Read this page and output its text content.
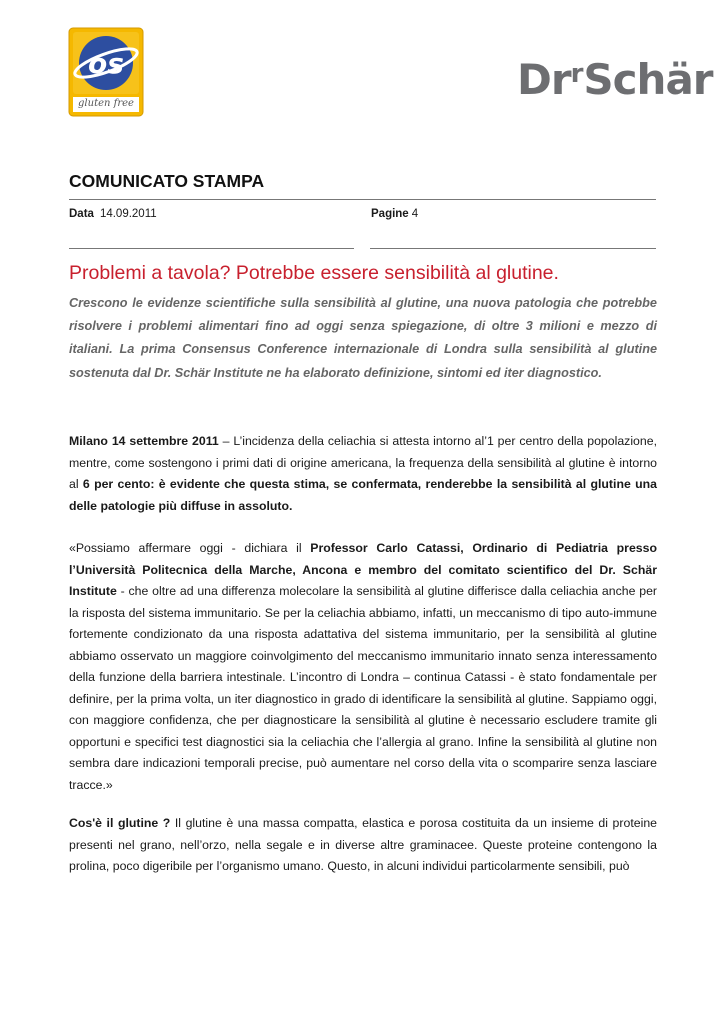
os
gluten free	Dr$^r$Schär
COMUNICATO STAMPA
Data 14.09.2011	Pagine 4
Problemi a tavola? Potrebbe essere sensibilità al glutine.
Crescono le evidenze scientifiche sulla sensibilità al glutine, una nuova patologia che potrebbe risolvere i problemi alimentari fino ad oggi senza spiegazione, di oltre 3 milioni e mezzo di italiani. La prima Consensus Conference internazionale di Londra sulla sensibilità al glutine sostenuta dal Dr. Schär Institute ne ha elaborato definizione, sintomi ed iter diagnostico.
Milano 14 settembre 2011 – L’incidenza della celiachia si attesta intorno al’1 per centro della popolazione, mentre, come sostengono i primi dati di origine americana, la frequenza della sensibilità al glutine è intorno al 6 per cento: è evidente che questa stima, se confermata, renderebbe la sensibilità al glutine una delle patologie più diffuse in assoluto.
«Possiamo affermare oggi - dichiara il Professor Carlo Catassi, Ordinario di Pediatria presso l’Università Politecnica della Marche, Ancona e membro del comitato scientifico del Dr. Schär Institute - che oltre ad una differenza molecolare la sensibilità al glutine differisce dalla celiachia anche per la risposta del sistema immunitario. Se per la celiachia abbiamo, infatti, un meccanismo di tipo auto-immune fortemente condizionato da una risposta adattativa del sistema immunitario, per la sensibilità al glutine abbiamo osservato un maggiore coinvolgimento del meccanismo immunitario innato senza interessamento della funzione della barriera intestinale. L’incontro di Londra – continua Catassi - è stato fondamentale per definire, per la prima volta, un iter diagnostico in grado di identificare la sensibilità al glutine. Sappiamo oggi, con maggiore confidenza, che per diagnosticare la sensibilità al glutine è necessario escludere tramite gli opportuni e specifici test diagnostici sia la celiachia che l’allergia al grano. Infine la sensibilità al glutine non sembra dare indicazioni temporali precise, può aumentare nel corso della vita o scomparire senza lasciare tracce.»
Cos'è il glutine ? Il glutine è una massa compatta, elastica e porosa costituita da un insieme di proteine presenti nel grano, nell’orzo, nella segale e in diverse altre graminacee. Queste proteine contengono la prolina, poco digeribile per l’organismo umano. Questo, in alcuni individui particolarmente sensibili, può
